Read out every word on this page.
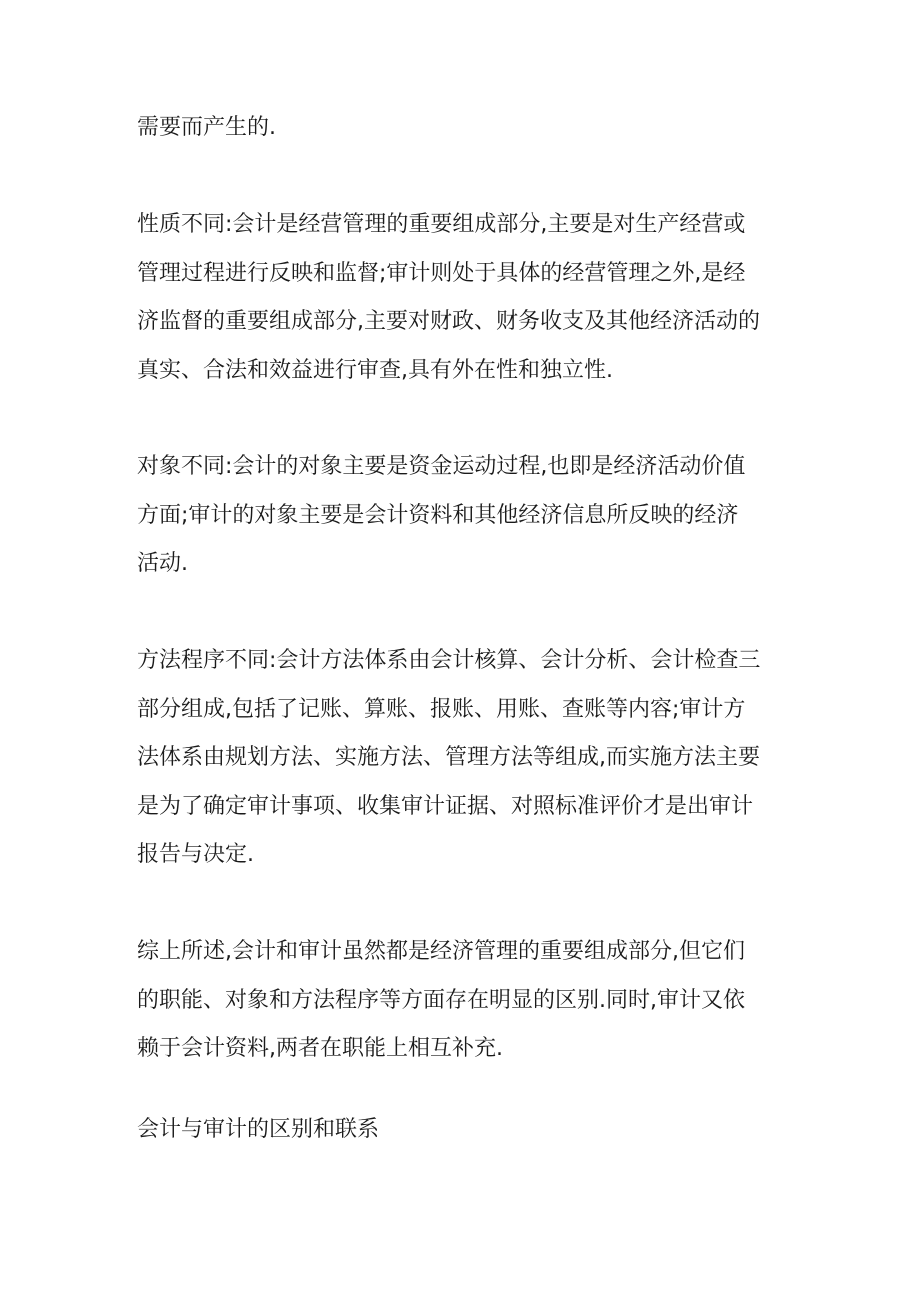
需要而产生的.

性质不同:会计是经营管理的重要组成部分,主要是对生产经营或
管理过程进行反映和监督;审计则处于具体的经营管理之外,是经
济监督的重要组成部分,主要对财政、财务收支及其他经济活动的
真实、合法和效益进行审查,具有外在性和独立性.

对象不同:会计的对象主要是资金运动过程,也即是经济活动价值
方面;审计的对象主要是会计资料和其他经济信息所反映的经济
活动.

方法程序不同:会计方法体系由会计核算、会计分析、会计检查三
部分组成,包括了记账、算账、报账、用账、查账等内容;审计方
法体系由规划方法、实施方法、管理方法等组成,而实施方法主要
是为了确定审计事项、收集审计证据、对照标准评价才是出审计
报告与决定.

综上所述,会计和审计虽然都是经济管理的重要组成部分,但它们
的职能、对象和方法程序等方面存在明显的区别.同时,审计又依
赖于会计资料,两者在职能上相互补充.

会计与审计的区别和联系
